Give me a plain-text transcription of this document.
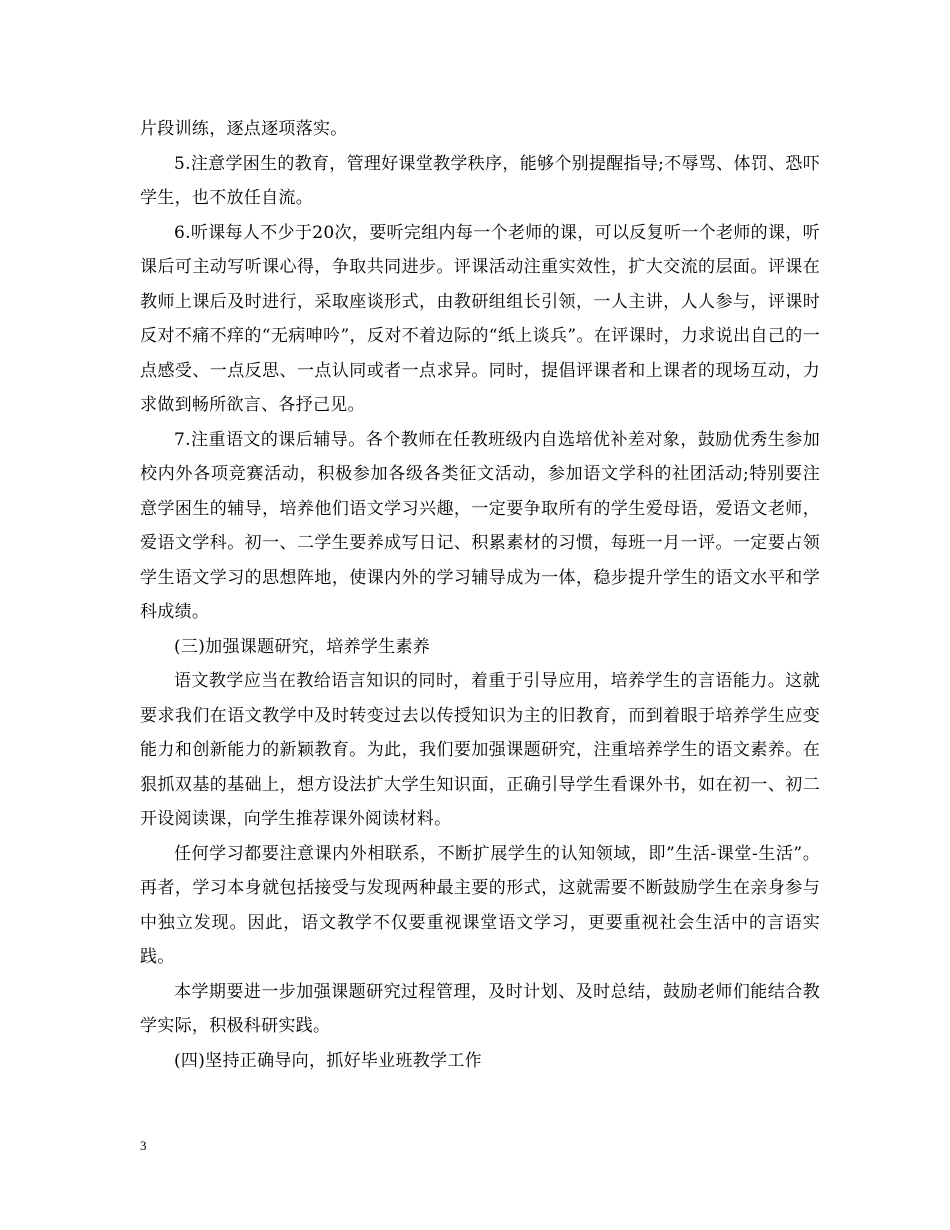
片段训练，逐点逐项落实。

5.注意学困生的教育，管理好课堂教学秩序，能够个别提醒指导;不辱骂、体罚、恐吓学生，也不放任自流。

6.听课每人不少于20次，要听完组内每一个老师的课，可以反复听一个老师的课，听课后可主动写听课心得，争取共同进步。评课活动注重实效性，扩大交流的层面。评课在教师上课后及时进行，采取座谈形式，由教研组组长引领，一人主讲，人人参与，评课时反对不痛不痒的“无病呻吟”，反对不着边际的“纸上谈兵”。在评课时，力求说出自己的一点感受、一点反思、一点认同或者一点求异。同时，提倡评课者和上课者的现场互动，力求做到畅所欲言、各抒己见。

7.注重语文的课后辅导。各个教师在任教班级内自选培优补差对象，鼓励优秀生参加校内外各项竞赛活动，积极参加各级各类征文活动，参加语文学科的社团活动;特别要注意学困生的辅导，培养他们语文学习兴趣，一定要争取所有的学生爱母语，爱语文老师，爱语文学科。初一、二学生要养成写日记、积累素材的习惯，每班一月一评。一定要占领学生语文学习的思想阵地，使课内外的学习辅导成为一体，稳步提升学生的语文水平和学科成绩。

(三)加强课题研究，培养学生素养

语文教学应当在教给语言知识的同时，着重于引导应用，培养学生的言语能力。这就要求我们在语文教学中及时转变过去以传授知识为主的旧教育，而到着眼于培养学生应变能力和创新能力的新颖教育。为此，我们要加强课题研究，注重培养学生的语文素养。在狠抓双基的基础上，想方设法扩大学生知识面，正确引导学生看课外书，如在初一、初二开设阅读课，向学生推荐课外阅读材料。

任何学习都要注意课内外相联系，不断扩展学生的认知领域，即”生活-课堂-生活”。再者，学习本身就包括接受与发现两种最主要的形式，这就需要不断鼓励学生在亲身参与中独立发现。因此，语文教学不仅要重视课堂语文学习，更要重视社会生活中的言语实践。

本学期要进一步加强课题研究过程管理，及时计划、及时总结，鼓励老师们能结合教学实际，积极科研实践。

(四)坚持正确导向，抓好毕业班教学工作

3
